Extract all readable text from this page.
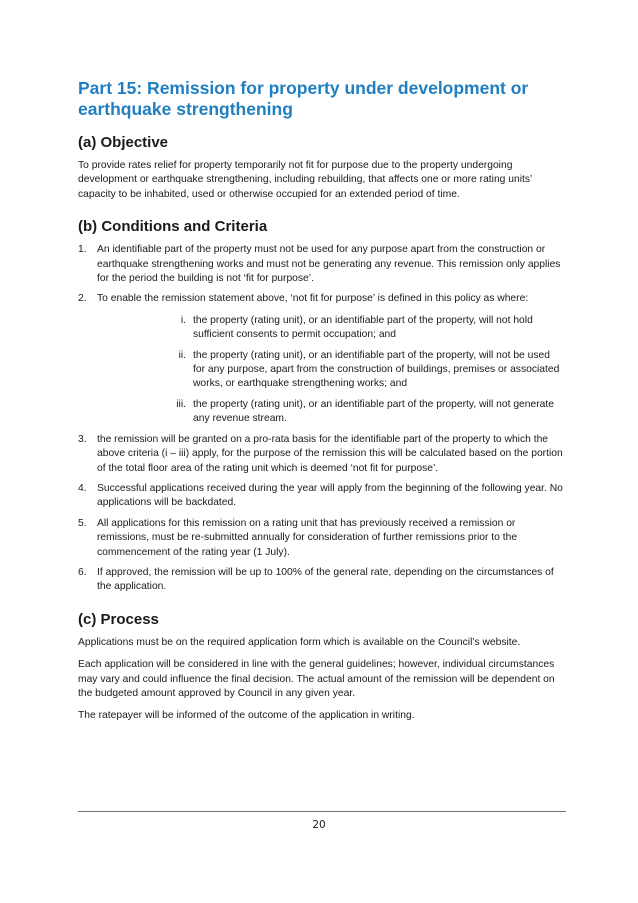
Part 15: Remission for property under development or earthquake strengthening
(a) Objective

To provide rates relief for property temporarily not fit for purpose due to the property undergoing development or earthquake strengthening, including rebuilding, that affects one or more rating units’ capacity to be inhabited, used or otherwise occupied for an extended period of time.

(b) Conditions and Criteria
1. An identifiable part of the property must not be used for any purpose apart from the construction or earthquake strengthening works and must not be generating any revenue. This remission only applies for the period the building is not ‘fit for purpose’.
2. To enable the remission statement above, ‘not fit for purpose’ is defined in this policy as where:
i. the property (rating unit), or an identifiable part of the property, will not hold sufficient consents to permit occupation; and
ii. the property (rating unit), or an identifiable part of the property, will not be used for any purpose, apart from the construction of buildings, premises or associated works, or earthquake strengthening works; and
iii. the property (rating unit), or an identifiable part of the property, will not generate any revenue stream.
3. the remission will be granted on a pro-rata basis for the identifiable part of the property to which the above criteria (i – iii) apply, for the purpose of the remission this will be calculated based on the portion of the total floor area of the rating unit which is deemed ‘not fit for purpose’.
4. Successful applications received during the year will apply from the beginning of the following year. No applications will be backdated.
5. All applications for this remission on a rating unit that has previously received a remission or remissions, must be re-submitted annually for consideration of further remissions prior to the commencement of the rating year (1 July).
6. If approved, the remission will be up to 100% of the general rate, depending on the circumstances of the application.
(c) Process

Applications must be on the required application form which is available on the Council’s website.

Each application will be considered in line with the general guidelines; however, individual circumstances may vary and could influence the final decision. The actual amount of the remission will be dependent on the budgeted amount approved by Council in any given year.

The ratepayer will be informed of the outcome of the application in writing.

20
